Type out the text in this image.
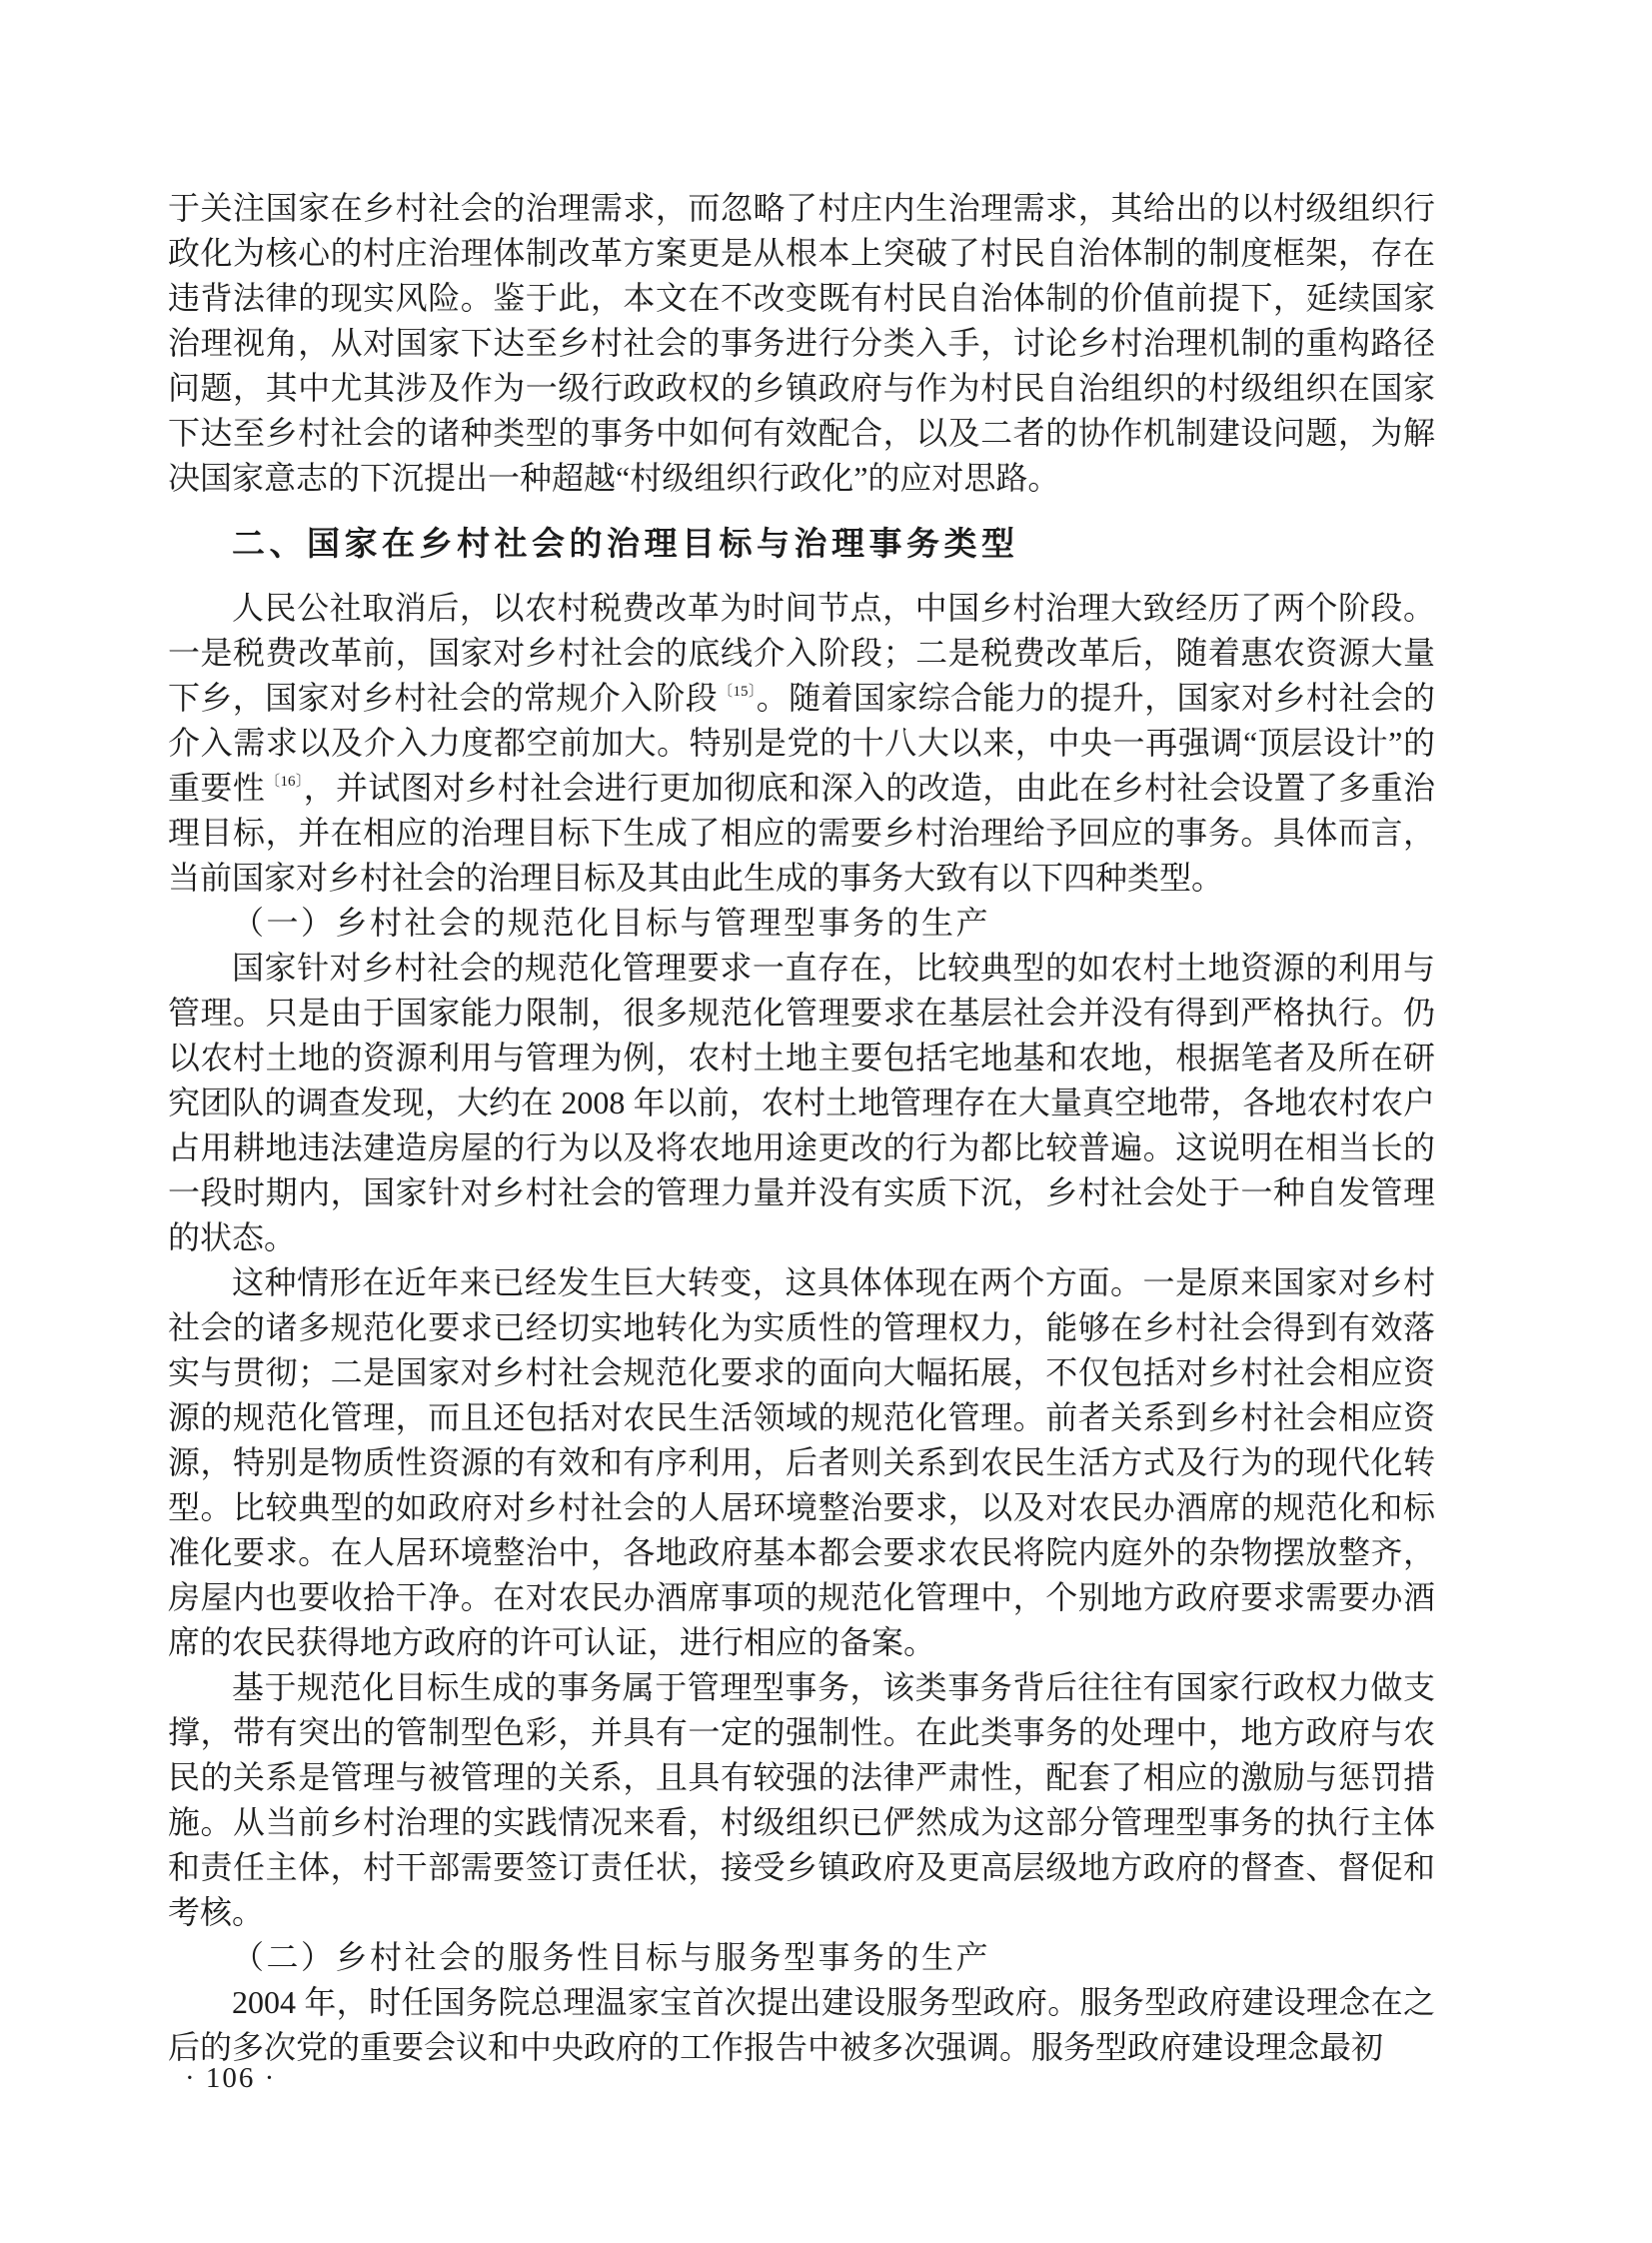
于关注国家在乡村社会的治理需求，而忽略了村庄内生治理需求，其给出的以村级组织行政化为核心的村庄治理体制改革方案更是从根本上突破了村民自治体制的制度框架，存在违背法律的现实风险。鉴于此，本文在不改变既有村民自治体制的价值前提下，延续国家治理视角，从对国家下达至乡村社会的事务进行分类入手，讨论乡村治理机制的重构路径问题，其中尤其涉及作为一级行政政权的乡镇政府与作为村民自治组织的村级组织在国家下达至乡村社会的诸种类型的事务中如何有效配合，以及二者的协作机制建设问题，为解决国家意志的下沉提出一种超越“村级组织行政化”的应对思路。
二、国家在乡村社会的治理目标与治理事务类型
人民公社取消后，以农村税费改革为时间节点，中国乡村治理大致经历了两个阶段。一是税费改革前，国家对乡村社会的底线介入阶段；二是税费改革后，随着惠农资源大量下乡，国家对乡村社会的常规介入阶段$^{〔15〕}$。随着国家综合能力的提升，国家对乡村社会的介入需求以及介入力度都空前加大。特别是党的十八大以来，中央一再强调“顶层设计”的重要性$^{〔16〕}$，并试图对乡村社会进行更加彻底和深入的改造，由此在乡村社会设置了多重治理目标，并在相应的治理目标下生成了相应的需要乡村治理给予回应的事务。具体而言，当前国家对乡村社会的治理目标及其由此生成的事务大致有以下四种类型。
（一）乡村社会的规范化目标与管理型事务的生产
国家针对乡村社会的规范化管理要求一直存在，比较典型的如农村土地资源的利用与管理。只是由于国家能力限制，很多规范化管理要求在基层社会并没有得到严格执行。仍以农村土地的资源利用与管理为例，农村土地主要包括宅地基和农地，根据笔者及所在研究团队的调查发现，大约在 2008 年以前，农村土地管理存在大量真空地带，各地农村农户占用耕地违法建造房屋的行为以及将农地用途更改的行为都比较普遍。这说明在相当长的一段时期内，国家针对乡村社会的管理力量并没有实质下沉，乡村社会处于一种自发管理的状态。
这种情形在近年来已经发生巨大转变，这具体体现在两个方面。一是原来国家对乡村社会的诸多规范化要求已经切实地转化为实质性的管理权力，能够在乡村社会得到有效落实与贯彻；二是国家对乡村社会规范化要求的面向大幅拓展，不仅包括对乡村社会相应资源的规范化管理，而且还包括对农民生活领域的规范化管理。前者关系到乡村社会相应资源，特别是物质性资源的有效和有序利用，后者则关系到农民生活方式及行为的现代化转型。比较典型的如政府对乡村社会的人居环境整治要求，以及对农民办酒席的规范化和标准化要求。在人居环境整治中，各地政府基本都会要求农民将院内庭外的杂物摆放整齐，房屋内也要收拾干净。在对农民办酒席事项的规范化管理中，个别地方政府要求需要办酒席的农民获得地方政府的许可认证，进行相应的备案。
基于规范化目标生成的事务属于管理型事务，该类事务背后往往有国家行政权力做支撑，带有突出的管制型色彩，并具有一定的强制性。在此类事务的处理中，地方政府与农民的关系是管理与被管理的关系，且具有较强的法律严肃性，配套了相应的激励与惩罚措施。从当前乡村治理的实践情况来看，村级组织已俨然成为这部分管理型事务的执行主体和责任主体，村干部需要签订责任状，接受乡镇政府及更高层级地方政府的督查、督促和考核。
（二）乡村社会的服务性目标与服务型事务的生产
2004 年，时任国务院总理温家宝首次提出建设服务型政府。服务型政府建设理念在之后的多次党的重要会议和中央政府的工作报告中被多次强调。服务型政府建设理念最初
· 106 ·
